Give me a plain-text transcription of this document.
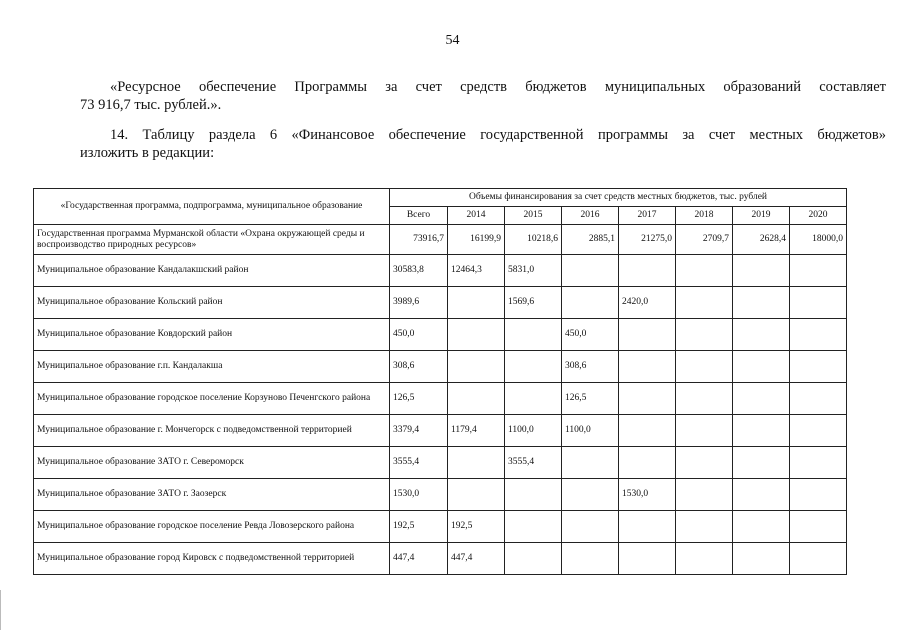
54
«Ресурсное обеспечение Программы за счет средств бюджетов муниципальных образований составляет
73 916,7 тыс. рублей.».
14. Таблицу раздела 6 «Финансовое обеспечение государственной программы за счет местных бюджетов»
изложить в редакции:
«Государственная программа, подпрограмма, муниципальное образование	Объемы финансирования за счет средств местных бюджетов, тыс. рублей							
	Всего	2014	2015	2016	2017	2018	2019	2020
Государственная программа Мурманской области «Охрана окружающей среды и воспроизводство природных ресурсов»	73916,7	16199,9	10218,6	2885,1	21275,0	2709,7	2628,4	18000,0
Муниципальное образование Кандалакшский район	30583,8	12464,3	5831,0					
Муниципальное образование Кольский район	3989,6		1569,6		2420,0			
Муниципальное образование Ковдорский район	450,0			450,0				
Муниципальное образование г.п. Кандалакша	308,6			308,6				
Муниципальное образование городское поселение Корзуново Печенгского района	126,5			126,5				
Муниципальное образование г. Мончегорск с подведомственной территорией	3379,4	1179,4	1100,0	1100,0				
Муниципальное образование ЗАТО г. Североморск	3555,4		3555,4					
Муниципальное образование ЗАТО г. Заозерск	1530,0				1530,0			
Муниципальное образование городское поселение Ревда Ловозерского района	192,5	192,5						
Муниципальное образование город Кировск с подведомственной территорией	447,4	447,4						
